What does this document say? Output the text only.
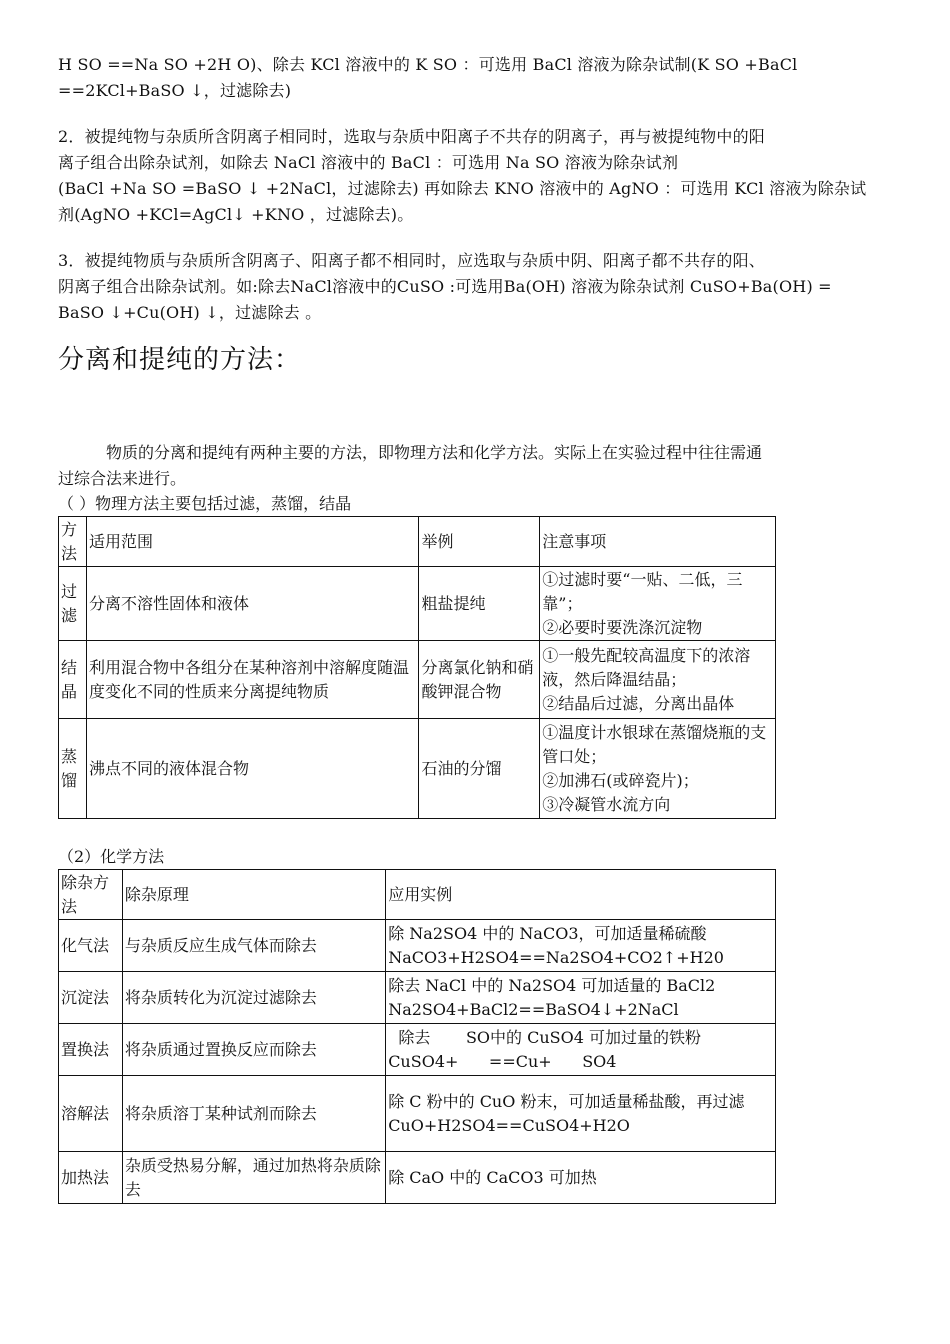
H SO ==Na SO +2H O)、除去 KCl 溶液中的 K SO ：可选用 BaCl 溶液为除杂试制(K SO +BaCl
==2KCl+BaSO ↓，过滤除去)
2．被提纯物与杂质所含阴离子相同时，选取与杂质中阳离子不共存的阴离子，再与被提纯物中的阳
离子组合出除杂试剂，如除去 NaCl 溶液中的 BaCl ：可选用 Na SO 溶液为除杂试剂
(BaCl +Na SO =BaSO ↓ +2NaCl，过滤除去) 再如除去 KNO 溶液中的 AgNO ：可选用 KCl 溶液为除杂试
剂(AgNO +KCl=AgCl↓ +KNO ，过滤除去)。
3．被提纯物质与杂质所含阴离子、阳离子都不相同时，应选取与杂质中阴、阳离子都不共存的阳、
阴离子组合出除杂试剂。如:除去NaCl溶液中的CuSO :可选用Ba(OH) 溶液为除杂试剂 CuSO+Ba(OH) =
BaSO ↓+Cu(OH) ↓，过滤除去 。
分离和提纯的方法：
物质的分离和提纯有两种主要的方法，即物理方法和化学方法。实际上在实验过程中往往需通
过综合法来进行。
（ ）物理方法主要包括过滤，蒸馏，结晶
方法	适用范围	举例	注意事项
过滤	分离不溶性固体和液体	粗盐提纯	①过滤时要“一贴、二低，三靠”；
②必要时要洗涤沉淀物
结晶	利用混合物中各组分在某种溶剂中溶解度随温度变化不同的性质来分离提纯物质	分离氯化钠和硝酸钾混合物	①一般先配较高温度下的浓溶液，然后降温结晶；
②结晶后过滤，分离出晶体
蒸馏	沸点不同的液体混合物	石油的分馏	①温度计水银球在蒸馏烧瓶的支管口处；
②加沸石(或碎瓷片)；
③冷凝管水流方向
（2）化学方法
除杂方法	除杂原理	应用实例
化气法	与杂质反应生成气体而除去	除 Na2SO4 中的 NaCO3，可加适量稀硫酸
NaCO3+H2SO4==Na2SO4+CO2↑+H20
沉淀法	将杂质转化为沉淀过滤除去	除去 NaCl 中的 Na2SO4 可加适量的 BaCl2
Na2SO4+BaCl2==BaSO4↓+2NaCl
置换法	将杂质通过置换反应而除去	除去       SO中的 CuSO4 可加过量的铁粉
CuSO4+      ==Cu+      SO4
溶解法	将杂质溶丁某种试剂而除去	除 C 粉中的 CuO 粉末，可加适量稀盐酸，再过滤
CuO+H2SO4==CuSO4+H2O
加热法	杂质受热易分解，通过加热将杂质除去	除 CaO 中的 CaCO3 可加热
